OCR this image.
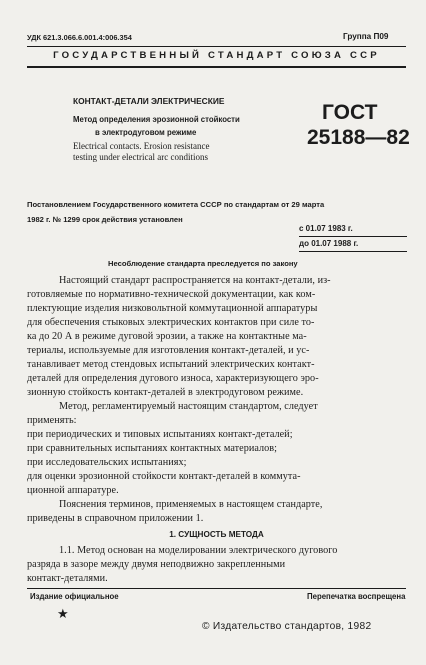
УДК 621.3.066.6.001.4:006.354	Группа П09
ГОСУДАРСТВЕННЫЙ СТАНДАРТ СОЮЗА ССР
КОНТАКТ-ДЕТАЛИ ЭЛЕКТРИЧЕСКИЕ
Метод определения эрозионной стойкости
в электродуговом режиме
Electrical contacts. Erosion resistance
testing under electrical arc conditions
ГОСТ
25188—82
Постановлением Государственного комитета СССР по стандартам от 29 марта
1982 г. № 1299 срок действия установлен
с 01.07 1983 г.
до 01.07 1988 г.
Несоблюдение стандарта преследуется по закону
Настоящий стандарт распространяется на контакт-детали, из-
готовляемые по нормативно-технической документации, как ком-
плектующие изделия низковольтной коммутационной аппаратуры
для обеспечения стыковых электрических контактов при силе то-
ка до 20 А в режиме дуговой эрозии, а также на контактные ма-
териалы, используемые для изготовления контакт-деталей, и ус-
танавливает метод стендовых испытаний электрических контакт-
деталей для определения дугового износа, характеризующего эро-
зионную стойкость контакт-деталей в электродуговом режиме.
Метод, регламентируемый настоящим стандартом, следует
применять:
при периодических и типовых испытаниях контакт-деталей;
при сравнительных испытаниях контактных материалов;
при исследовательских испытаниях;
для оценки эрозионной стойкости контакт-деталей в коммута-
ционной аппаратуре.
Пояснения терминов, применяемых в настоящем стандарте,
приведены в справочном приложении 1.
1. СУЩНОСТЬ МЕТОДА
1.1. Метод основан на моделировании электрического дугового
разряда в зазоре между двумя неподвижно закрепленными
контакт-деталями.
Издание официальное	Перепечатка воспрещена
★
© Издательство стандартов, 1982
